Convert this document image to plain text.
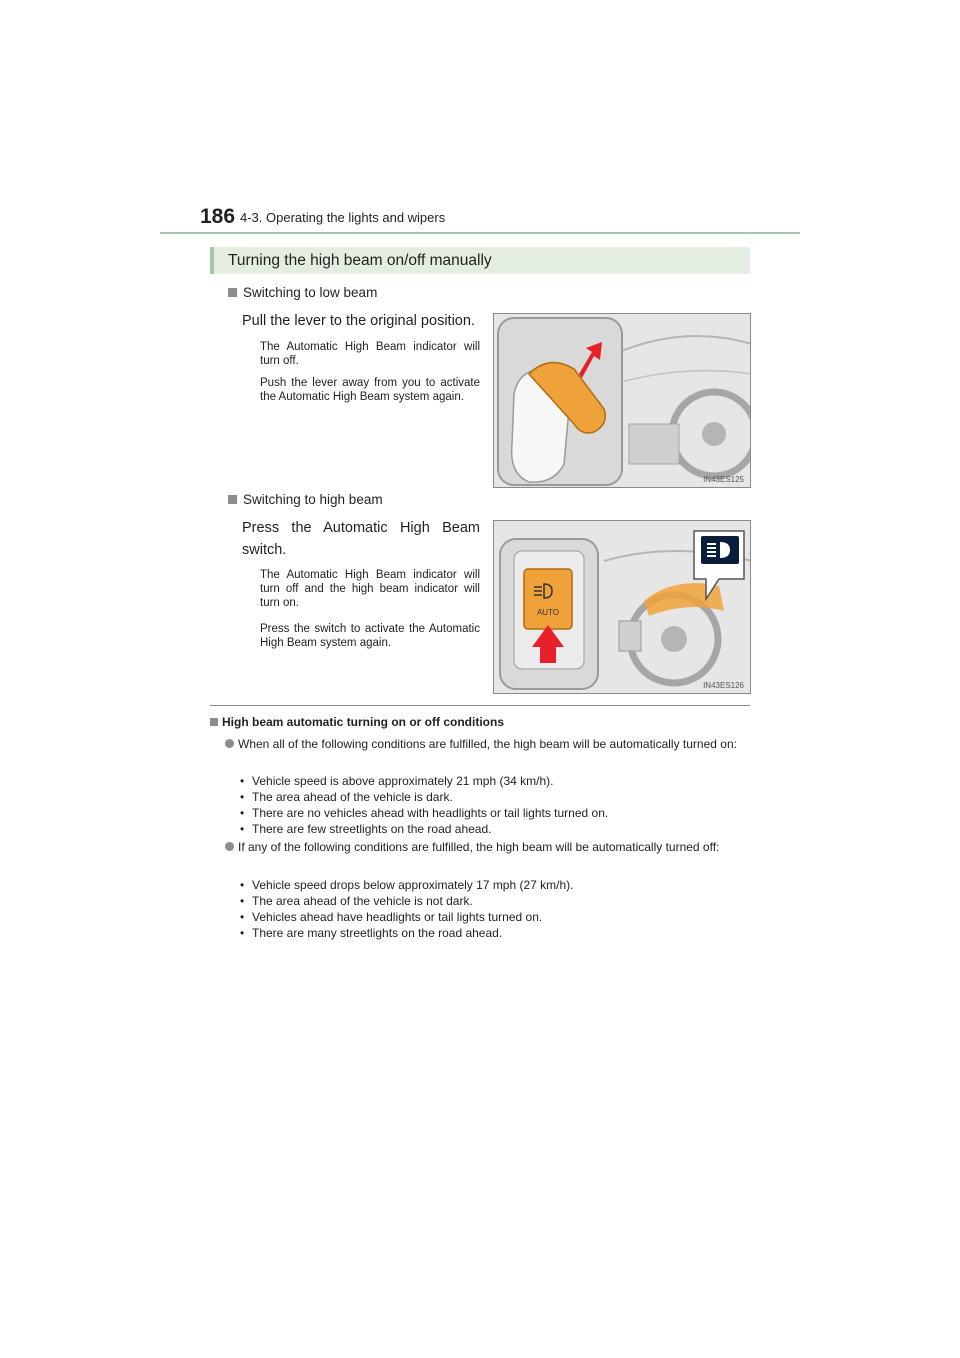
186 4-3. Operating the lights and wipers
Turning the high beam on/off manually
Switching to low beam
Pull the lever to the original position.
The Automatic High Beam indicator will turn off.
Push the lever away from you to activate the Automatic High Beam system again.
IN43ES125
Switching to high beam
Press the Automatic High Beam switch.
The Automatic High Beam indicator will turn off and the high beam indicator will turn on.
Press the switch to activate the Automatic High Beam system again.
AUTO
IN43ES126
High beam automatic turning on or off conditions
When all of the following conditions are fulfilled, the high beam will be automatically turned on:
• Vehicle speed is above approximately 21 mph (34 km/h).
• The area ahead of the vehicle is dark.
• There are no vehicles ahead with headlights or tail lights turned on.
• There are few streetlights on the road ahead.
If any of the following conditions are fulfilled, the high beam will be automatically turned off:
• Vehicle speed drops below approximately 17 mph (27 km/h).
• The area ahead of the vehicle is not dark.
• Vehicles ahead have headlights or tail lights turned on.
• There are many streetlights on the road ahead.
